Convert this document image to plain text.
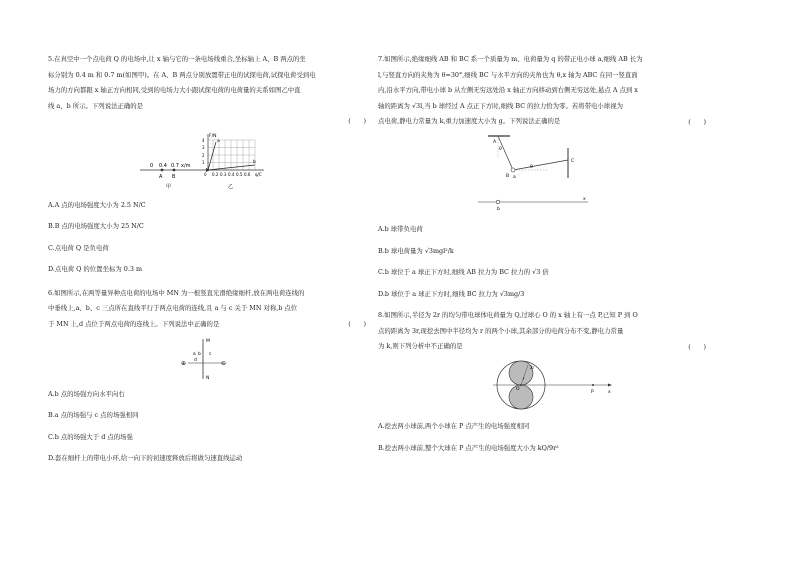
5.在真空中一个点电荷 Q 的电场中,让 x 轴与它的一条电场线重合,坐标轴上 A、B 两点的坐

标分别为 0.4 m 和 0.7 m(如图甲)。在 A、B 两点分别放置带正电的试探电荷,试探电荷受到电

场力的方向都跟 x 轴正方向相同,受到的电场力大小跟试探电荷的电荷量的关系如图乙中直

线 a、b 所示。下列说法正确的是

(　　)
0 0.4 0.7
A B
x/m
甲
F/N
a
b
4
3
2
1
0 0.2 0.3 0.4 0.5 0.6 q/C
乙

A.A 点的电场强度大小为 2.5 N/C

B.B 点的电场强度大小为 25 N/C

C.点电荷 Q 是负电荷

D.点电荷 Q 的位置坐标为 0.3 m

6.如图所示,在两等量异种点电荷的电场中 MN 为一根竖直光滑绝缘细杆,放在两电荷连线的

中垂线上,a、b、c 三点所在直线平行于两点电荷的连线,且 a 与 c 关于 MN 对称,b 点位

于 MN 上,d 点位于两点电荷的连线上。下列说法中正确的是	(　　)
M
N
⊕	⊖
a b c
d

A.b 点的场强方向水平向右

B.a 点的场强与 c 点的场强相同

C.b 点的场强大于 d 点的场强

D.套在细杆上的带电小环,给一向下的初速度释放后将做匀速直线运动

7.如图所示,绝缘细线 AB 和 BC 系一个质量为 m、电荷量为 q 的带正电小球 a,细线 AB 长为

l,与竖直方向的夹角为 θ=30°,细线 BC 与水平方向的夹角也为 θ,x 轴为 ABC 在同一竖直面

内,沿水平方向,带电小球 b 从左侧无穷远处沿 x 轴正方向移动到右侧无穷远处,悬点 A 点到 x

轴的距离为 √3l,当 b 球经过 A 点正下方时,细线 BC 的拉力恰为零。若将带电小球视为

点电荷,静电力常量为 k,重力加速度大小为 g。下列说法正确的是	(　　)
A
θ
B a
θ
C
b
x

A.b 球带负电荷

B.b 球电荷量为 √3mgl²/k

C.b 球位于 a 球正下方时,细线 AB 拉力为 BC 拉力的 √3 倍

D.b 球位于 a 球正下方时,细线 BC 拉力为 √3mg/3

8.如图所示,半径为 2r 的均匀带电球体电荷量为 Q,过球心 O 的 x 轴上有一点 P,已知 P 到 O

点的距离为 3r,现挖去图中半径均为 r 的两个小球,其余部分的电荷分布不变,静电力常量

为 k,则下列分析中不正确的是	(　　)
O
P	x
r
2r

A.挖去两小球前,两个小球在 P 点产生的电场强度相同

B.挖去两小球前,整个大球在 P 点产生的电场强度大小为 kQ/9r²
